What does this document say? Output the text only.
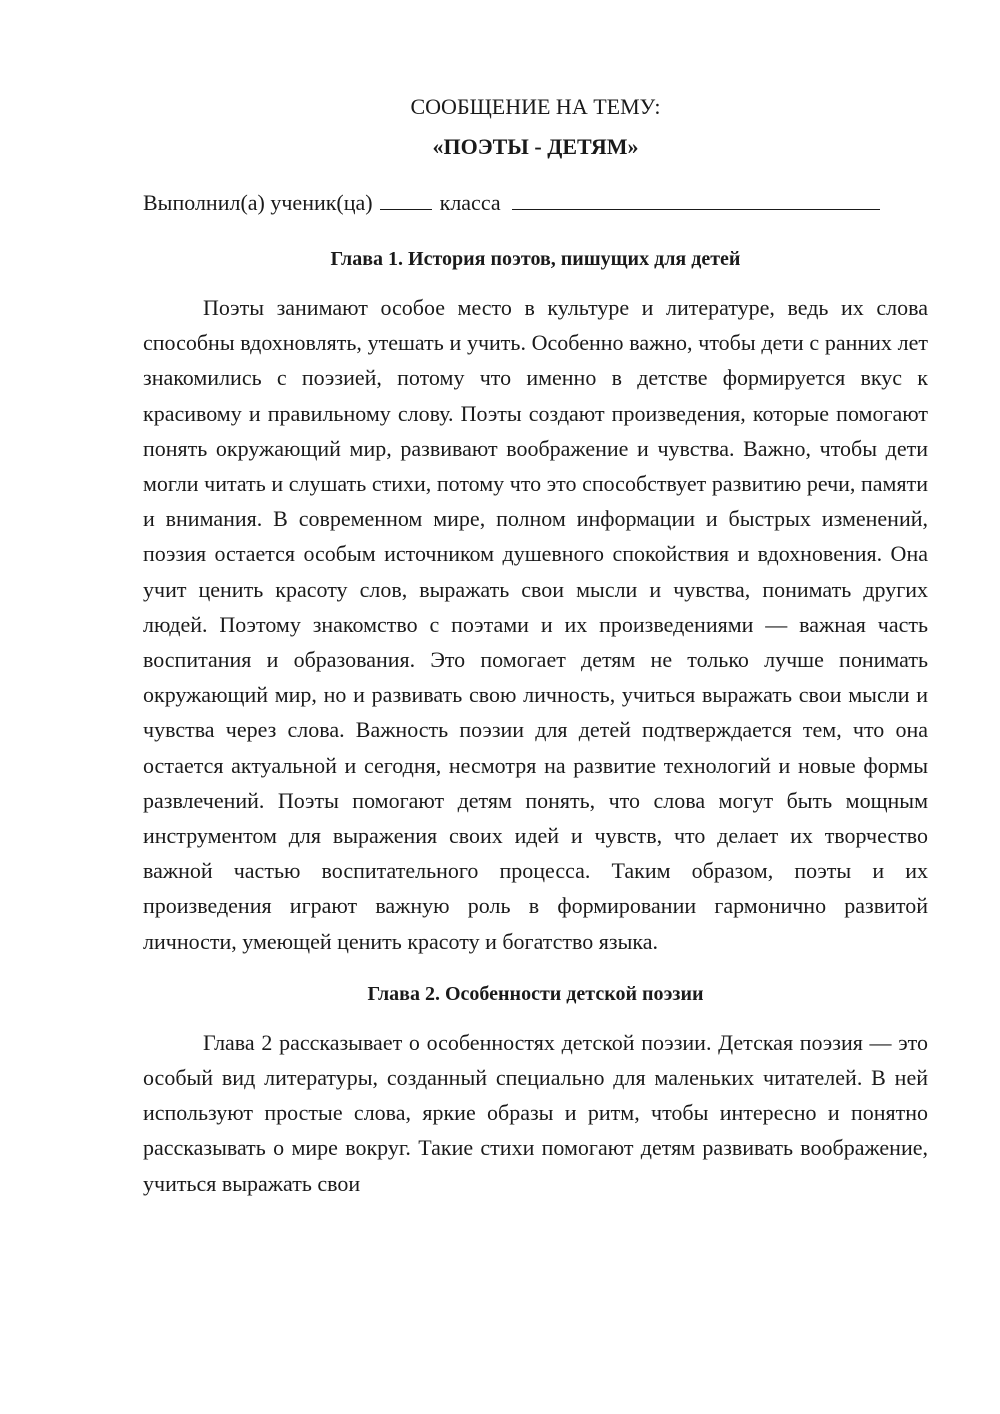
СООБЩЕНИЕ НА ТЕМУ:
«ПОЭТЫ - ДЕТЯМ»
Выполнил(а) ученик(ца)	класса
Глава 1. История поэтов, пишущих для детей

Поэты занимают особое место в культуре и литературе, ведь их слова способны вдохновлять, утешать и учить. Особенно важно, чтобы дети с ранних лет знакомились с поэзией, потому что именно в детстве формируется вкус к красивому и правильному слову. Поэты создают произведения, которые помогают понять окружающий мир, развивают воображение и чувства. Важно, чтобы дети могли читать и слушать стихи, потому что это способствует развитию речи, памяти и внимания. В современном мире, полном информации и быстрых изменений, поэзия остается особым источником душевного спокойствия и вдохновения. Она учит ценить красоту слов, выражать свои мысли и чувства, понимать других людей. Поэтому знакомство с поэтами и их произведениями — важная часть воспитания и образования. Это помогает детям не только лучше понимать окружающий мир, но и развивать свою личность, учиться выражать свои мысли и чувства через слова. Важность поэзии для детей подтверждается тем, что она остается актуальной и сегодня, несмотря на развитие технологий и новые формы развлечений. Поэты помогают детям понять, что слова могут быть мощным инструментом для выражения своих идей и чувств, что делает их творчество важной частью воспитательного процесса. Таким образом, поэты и их произведения играют важную роль в формировании гармонично развитой личности, умеющей ценить красоту и богатство языка.

Глава 2. Особенности детской поэзии

Глава 2 рассказывает о особенностях детской поэзии. Детская поэзия — это особый вид литературы, созданный специально для маленьких читателей. В ней используют простые слова, яркие образы и ритм, чтобы интересно и понятно рассказывать о мире вокруг. Такие стихи помогают детям развивать воображение, учиться выражать свои
